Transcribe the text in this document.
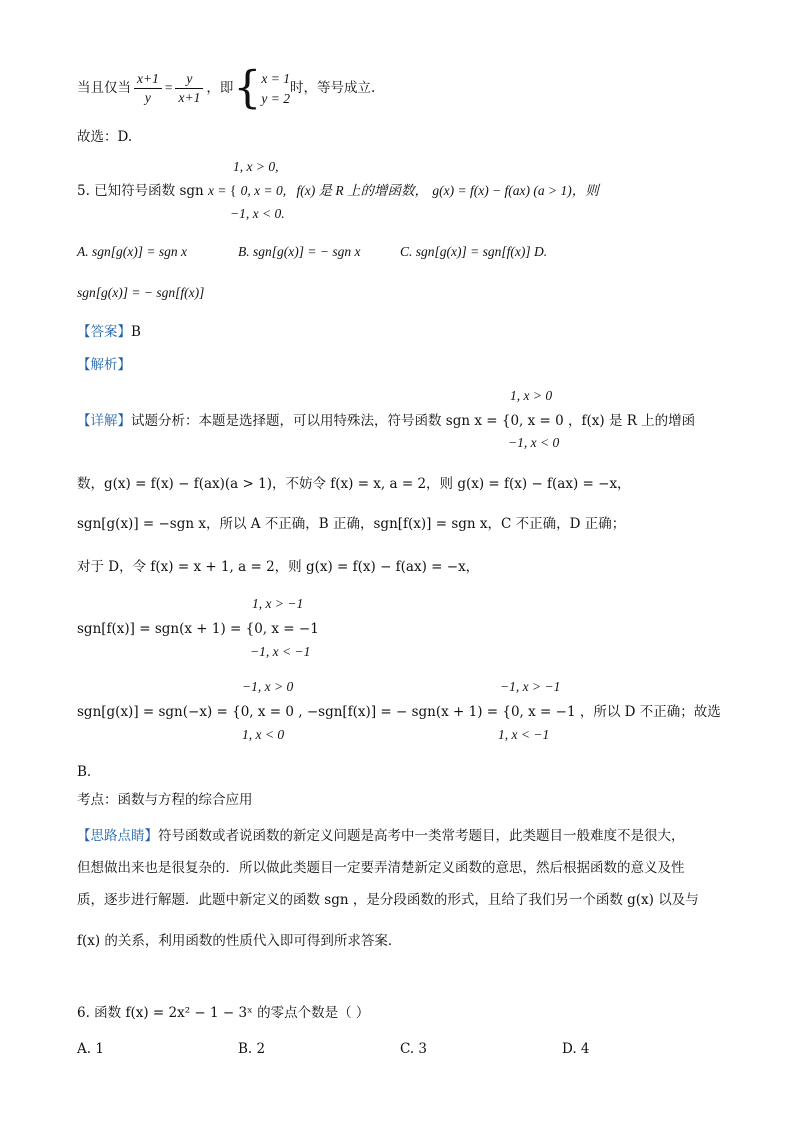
当且仅当 $\frac{x+1}{y} = \frac{y}{x+1}$ ，即{x = 1
y = 2时，等号成立.
故选：D.
1, x > 0,
5. 已知符号函数 sgn x = { 0, x = 0, f(x) 是 R 上的增函数， g(x) = f(x) − f(ax) (a > 1)，则
−1, x < 0.
A. sgn[g(x)] = sgn x	B. sgn[g(x)] = − sgn x	C. sgn[g(x)] = sgn[f(x)] D.
sgn[g(x)] = − sgn[f(x)]
【答案】B
【解析】
1, x > 0
【详解】试题分析：本题是选择题，可以用特殊法，符号函数 sgn x = {0, x = 0 ，f(x) 是 R 上的增函
−1, x < 0
数，g(x) = f(x) − f(ax)(a > 1)，不妨令 f(x) = x, a = 2，则 g(x) = f(x) − f(ax) = −x，
sgn[g(x)] = −sgn x，所以 A 不正确，B 正确，sgn[f(x)] = sgn x，C 不正确，D 正确；
对于 D，令 f(x) = x + 1, a = 2，则 g(x) = f(x) − f(ax) = −x，
1, x > −1
sgn[f(x)] = sgn(x + 1) = {0, x = −1
−1, x < −1
−1, x > 0	−1, x > −1
sgn[g(x)] = sgn(−x) = {0, x = 0 , −sgn[f(x)] = − sgn(x + 1) = {0, x = −1 ，所以 D 不正确；故选
1, x < 0	1, x < −1
B.
考点：函数与方程的综合应用
【思路点睛】符号函数或者说函数的新定义问题是高考中一类常考题目，此类题目一般难度不是很大，
但想做出来也是很复杂的．所以做此类题目一定要弄清楚新定义函数的意思，然后根据函数的意义及性
质，逐步进行解题．此题中新定义的函数 sgn ，是分段函数的形式，且给了我们另一个函数 g(x) 以及与
f(x) 的关系，利用函数的性质代入即可得到所求答案．
6. 函数 f(x) = 2x² − 1 − 3ˣ 的零点个数是（ ）
A. 1	B. 2	C. 3	D. 4
